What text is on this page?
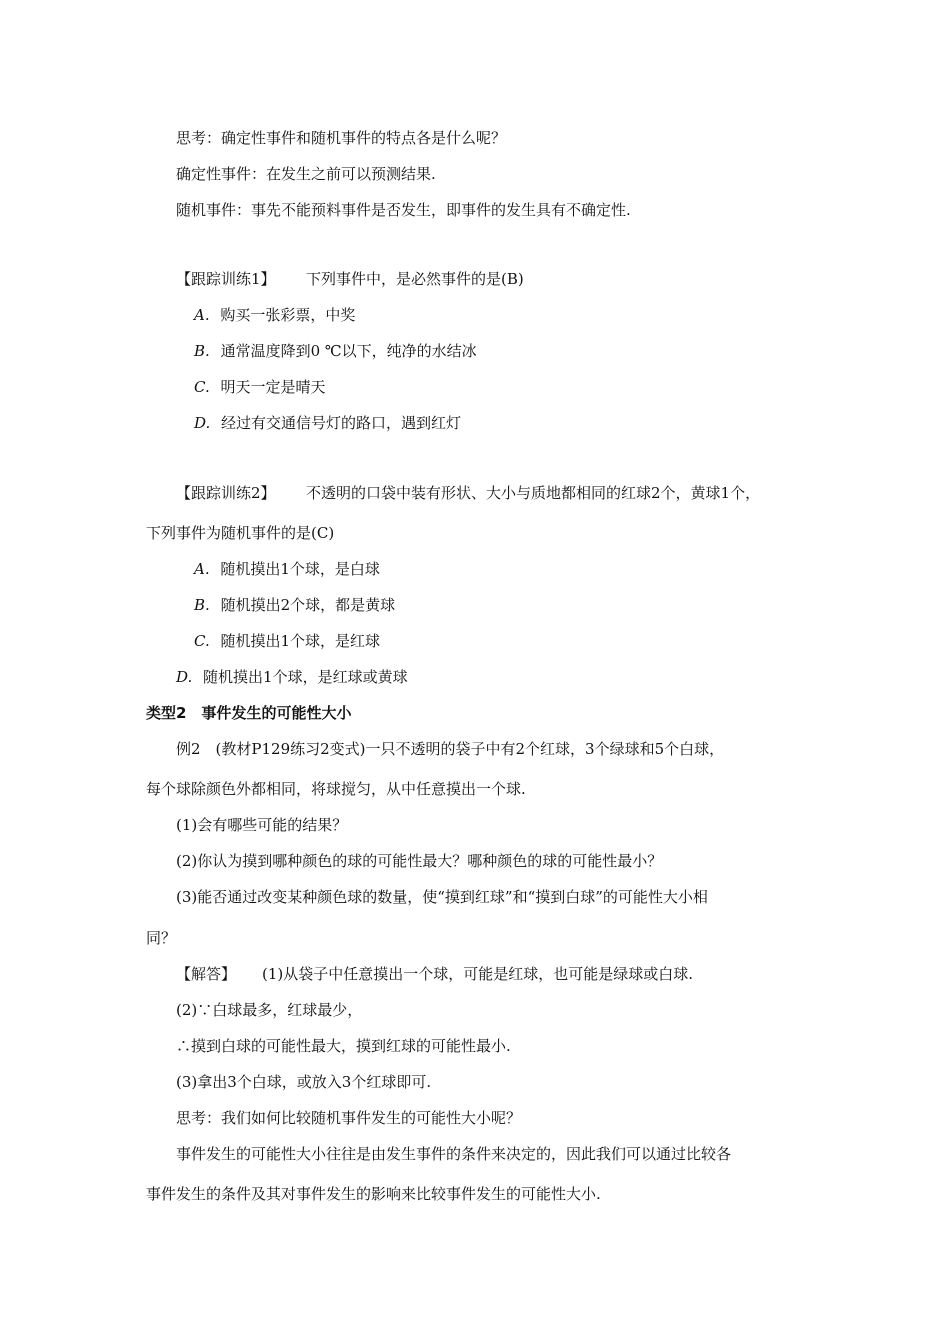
思考：确定性事件和随机事件的特点各是什么呢？
确定性事件：在发生之前可以预测结果.
随机事件：事先不能预料事件是否发生，即事件的发生具有不确定性.
【跟踪训练1】 下列事件中，是必然事件的是(B)
A. 购买一张彩票，中奖
B. 通常温度降到0 ℃以下，纯净的水结冰
C. 明天一定是晴天
D. 经过有交通信号灯的路口，遇到红灯
【跟踪训练2】 不透明的口袋中装有形状、大小与质地都相同的红球2个，黄球1个，
下列事件为随机事件的是(C)
A. 随机摸出1个球，是白球
B. 随机摸出2个球，都是黄球
C. 随机摸出1个球，是红球
D. 随机摸出1个球，是红球或黄球
类型2　事件发生的可能性大小
例2　(教材P129练习2变式)一只不透明的袋子中有2个红球，3个绿球和5个白球，
每个球除颜色外都相同，将球搅匀，从中任意摸出一个球.
(1)会有哪些可能的结果？
(2)你认为摸到哪种颜色的球的可能性最大？哪种颜色的球的可能性最小？
(3)能否通过改变某种颜色球的数量，使“摸到红球”和“摸到白球”的可能性大小相
同？
【解答】 (1)从袋子中任意摸出一个球，可能是红球，也可能是绿球或白球.
(2)∵白球最多，红球最少，
∴摸到白球的可能性最大，摸到红球的可能性最小.
(3)拿出3个白球，或放入3个红球即可.
思考：我们如何比较随机事件发生的可能性大小呢？
事件发生的可能性大小往往是由发生事件的条件来决定的，因此我们可以通过比较各
事件发生的条件及其对事件发生的影响来比较事件发生的可能性大小.
